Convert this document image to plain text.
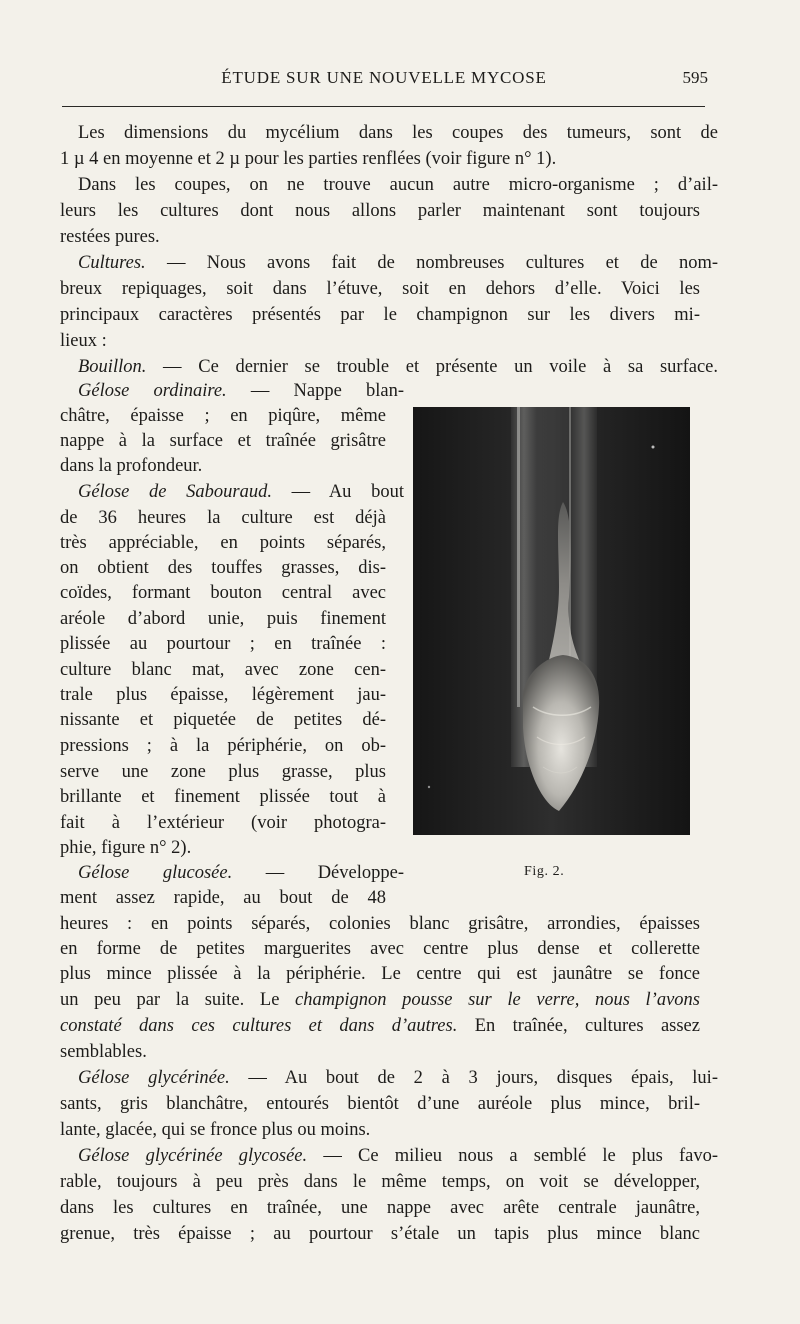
ÉTUDE SUR UNE NOUVELLE MYCOSE	595
Les dimensions du mycélium dans les coupes des tumeurs, sont de
1 µ 4 en moyenne et 2 µ pour les parties renflées (voir figure n° 1).
Dans les coupes, on ne trouve aucun autre micro-organisme ; d’ail-
leurs les cultures dont nous allons parler maintenant sont toujours
restées pures.
Cultures. — Nous avons fait de nombreuses cultures et de nom-
breux repiquages, soit dans l’étuve, soit en dehors d’elle. Voici les
principaux caractères présentés par le champignon sur les divers mi-
lieux :
Bouillon. — Ce dernier se trouble et présente un voile à sa surface.
Gélose ordinaire. — Nappe blan-
châtre, épaisse ; en piqûre, même
nappe à la surface et traînée grisâtre
dans la profondeur.
Gélose de Sabouraud. — Au bout
de 36 heures la culture est déjà
très appréciable, en points séparés,
on obtient des touffes grasses, dis-
coïdes, formant bouton central avec
aréole d’abord unie, puis finement
plissée au pourtour ; en traînée :
culture blanc mat, avec zone cen-
trale plus épaisse, légèrement jau-
nissante et piquetée de petites dé-
pressions ; à la périphérie, on ob-
serve une zone plus grasse, plus
brillante et finement plissée tout à
fait à l’extérieur (voir photogra-
phie, figure n° 2).
Gélose glucosée. — Développe-
ment assez rapide, au bout de 48
heures : en points séparés, colonies blanc grisâtre, arrondies, épaisses
en forme de petites marguerites avec centre plus dense et collerette
plus mince plissée à la périphérie. Le centre qui est jaunâtre se fonce
un peu par la suite. Le champignon pousse sur le verre, nous l’avons
constaté dans ces cultures et dans d’autres. En traînée, cultures assez
semblables.
Gélose glycérinée. — Au bout de 2 à 3 jours, disques épais, lui-
sants, gris blanchâtre, entourés bientôt d’une auréole plus mince, bril-
lante, glacée, qui se fronce plus ou moins.
Gélose glycérinée glycosée. — Ce milieu nous a semblé le plus favo-
rable, toujours à peu près dans le même temps, on voit se développer,
dans les cultures en traînée, une nappe avec arête centrale jaunâtre,
grenue, très épaisse ; au pourtour s’étale un tapis plus mince blanc
Fig. 2.
